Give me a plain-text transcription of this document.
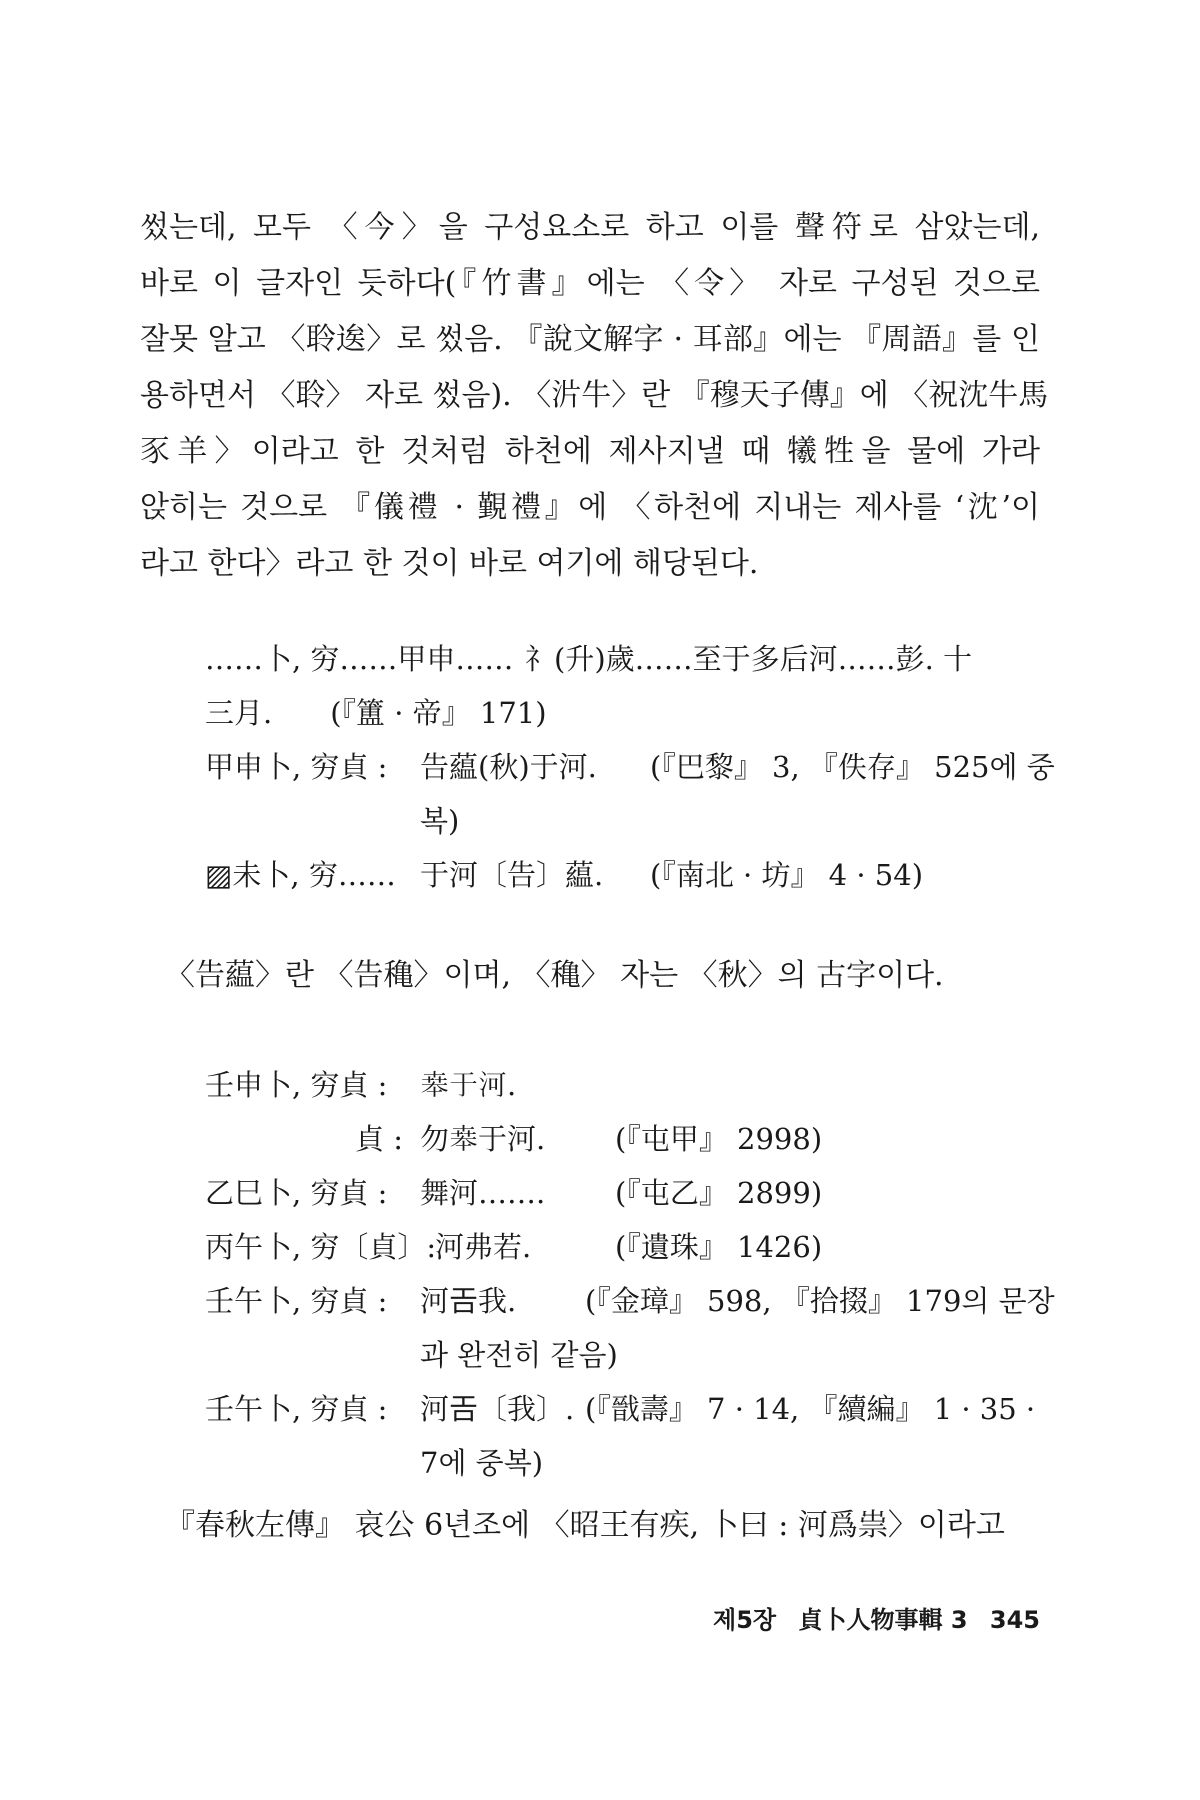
썼는데, 모두 〈今〉을 구성요소로 하고 이를 聲符로 삼았는데,
바로 이 글자인 듯하다(『竹書』에는 〈令〉 자로 구성된 것으로
잘못 알고 〈聆逘〉로 썼음. 『說文解字 · 耳部』에는 『周語』를 인
용하면서 〈聆〉 자로 썼음). 〈沜牛〉란 『穆天子傳』에 〈祝沈牛馬
豕羊〉이라고 한 것처럼 하천에 제사지낼 때 犧牲을 물에 가라
앉히는 것으로 『儀禮 · 覲禮』에 〈하천에 지내는 제사를 ‘沈’이
라고 한다〉라고 한 것이 바로 여기에 해당된다.
……卜, 穷……甲申…… 礻(升)歲……至于多后河……彭. 十
三月.　　(『簠 · 帝』 171)
甲申卜, 穷貞 : 告藴(秋)于河. (『巴黎』 3, 『佚存』 525에 중
복)
▨未卜, 穷…… 于河〔告〕藴. (『南北 · 坊』 4 · 54)
〈告藴〉란 〈告穐〉이며, 〈穐〉 자는 〈秋〉의 古字이다.
壬申卜, 穷貞 : 𠦪于河.
貞 : 勿𠦪于河. (『屯甲』 2998)
乙巳卜, 穷貞 : 舞河……. (『屯乙』 2899)
丙午卜, 穷〔貞〕:
河弗若.	(『遺珠』 1426)
壬午卜, 穷貞 : 河𢀛我. (『金璋』 598, 『拾掇』 179의 문장
과 완전히 같음)
壬午卜, 穷貞 : 河𢀛〔我〕. (『戩壽』 7 · 14, 『續編』 1 · 35 ·
7에 중복)
『春秋左傳』 哀公 6년조에 〈昭王有疾, 卜曰 : 河爲祟〉이라고
제5장 貞卜人物事輯 3 345
